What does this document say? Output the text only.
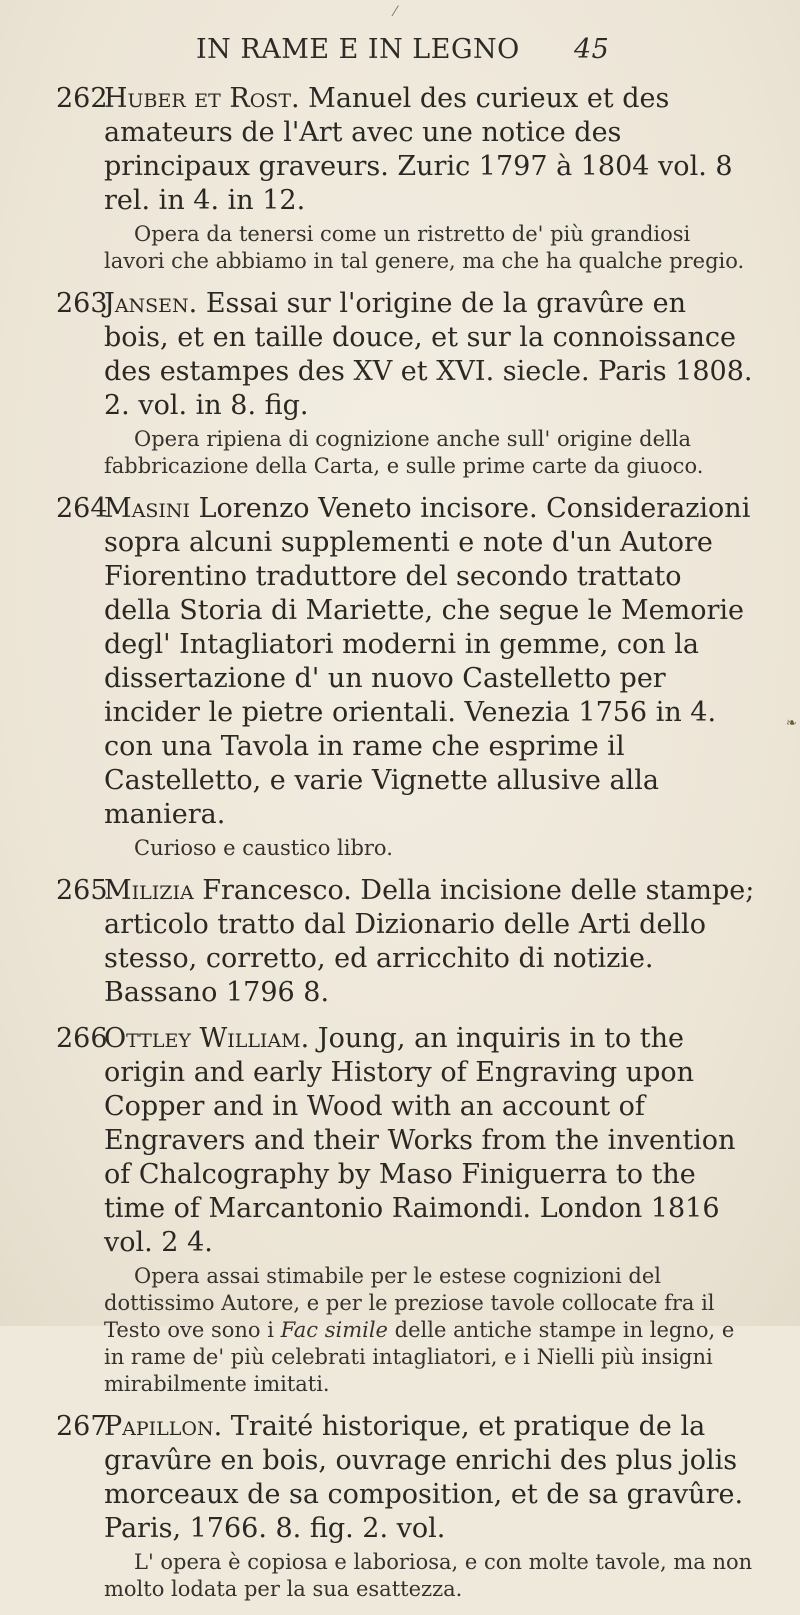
⁄
❧
IN RAME E IN LEGNO 45

262Huber et Rost. Manuel des curieux et des amateurs de l'Art avec une notice des principaux graveurs. Zuric 1797 à 1804 vol. 8 rel. in 4. in 12.

Opera da tenersi come un ristretto de' più grandiosi lavori che abbiamo in tal genere, ma che ha qualche pregio.

263Jansen. Essai sur l'origine de la gravûre en bois, et en taille douce, et sur la connoissance des estampes des XV et XVI. siecle. Paris 1808. 2. vol. in 8. fig.

Opera ripiena di cognizione anche sull' origine della fabbricazione della Carta, e sulle prime carte da giuoco.

264Masini Lorenzo Veneto incisore. Considerazioni sopra alcuni supplementi e note d'un Autore Fiorentino traduttore del secondo trattato della Storia di Mariette, che segue le Memorie degl' Intagliatori moderni in gemme, con la dissertazione d' un nuovo Castelletto per incider le pietre orientali. Venezia 1756 in 4. con una Tavola in rame che esprime il Castelletto, e varie Vignette allusive alla maniera.

Curioso e caustico libro.

265Milizia Francesco. Della incisione delle stampe; articolo tratto dal Dizionario delle Arti dello stesso, corretto, ed arricchito di notizie. Bassano 1796 8.

266Ottley William. Joung, an inquiris in to the origin and early History of Engraving upon Copper and in Wood with an account of Engravers and their Works from the invention of Chalcography by Maso Finiguerra to the time of Marcantonio Raimondi. London 1816 vol. 2 4.

Opera assai stimabile per le estese cognizioni del dottissimo Autore, e per le preziose tavole collocate fra il Testo ove sono i Fac simile delle antiche stampe in legno, e in rame de' più celebrati intagliatori, e i Nielli più insigni mirabilmente imitati.

267Papillon. Traité historique, et pratique de la gravûre en bois, ouvrage enrichi des plus jolis morceaux de sa composition, et de sa gravûre. Paris, 1766. 8. fig. 2. vol.

L' opera è copiosa e laboriosa, e con molte tavole, ma non molto lodata per la sua esattezza.
